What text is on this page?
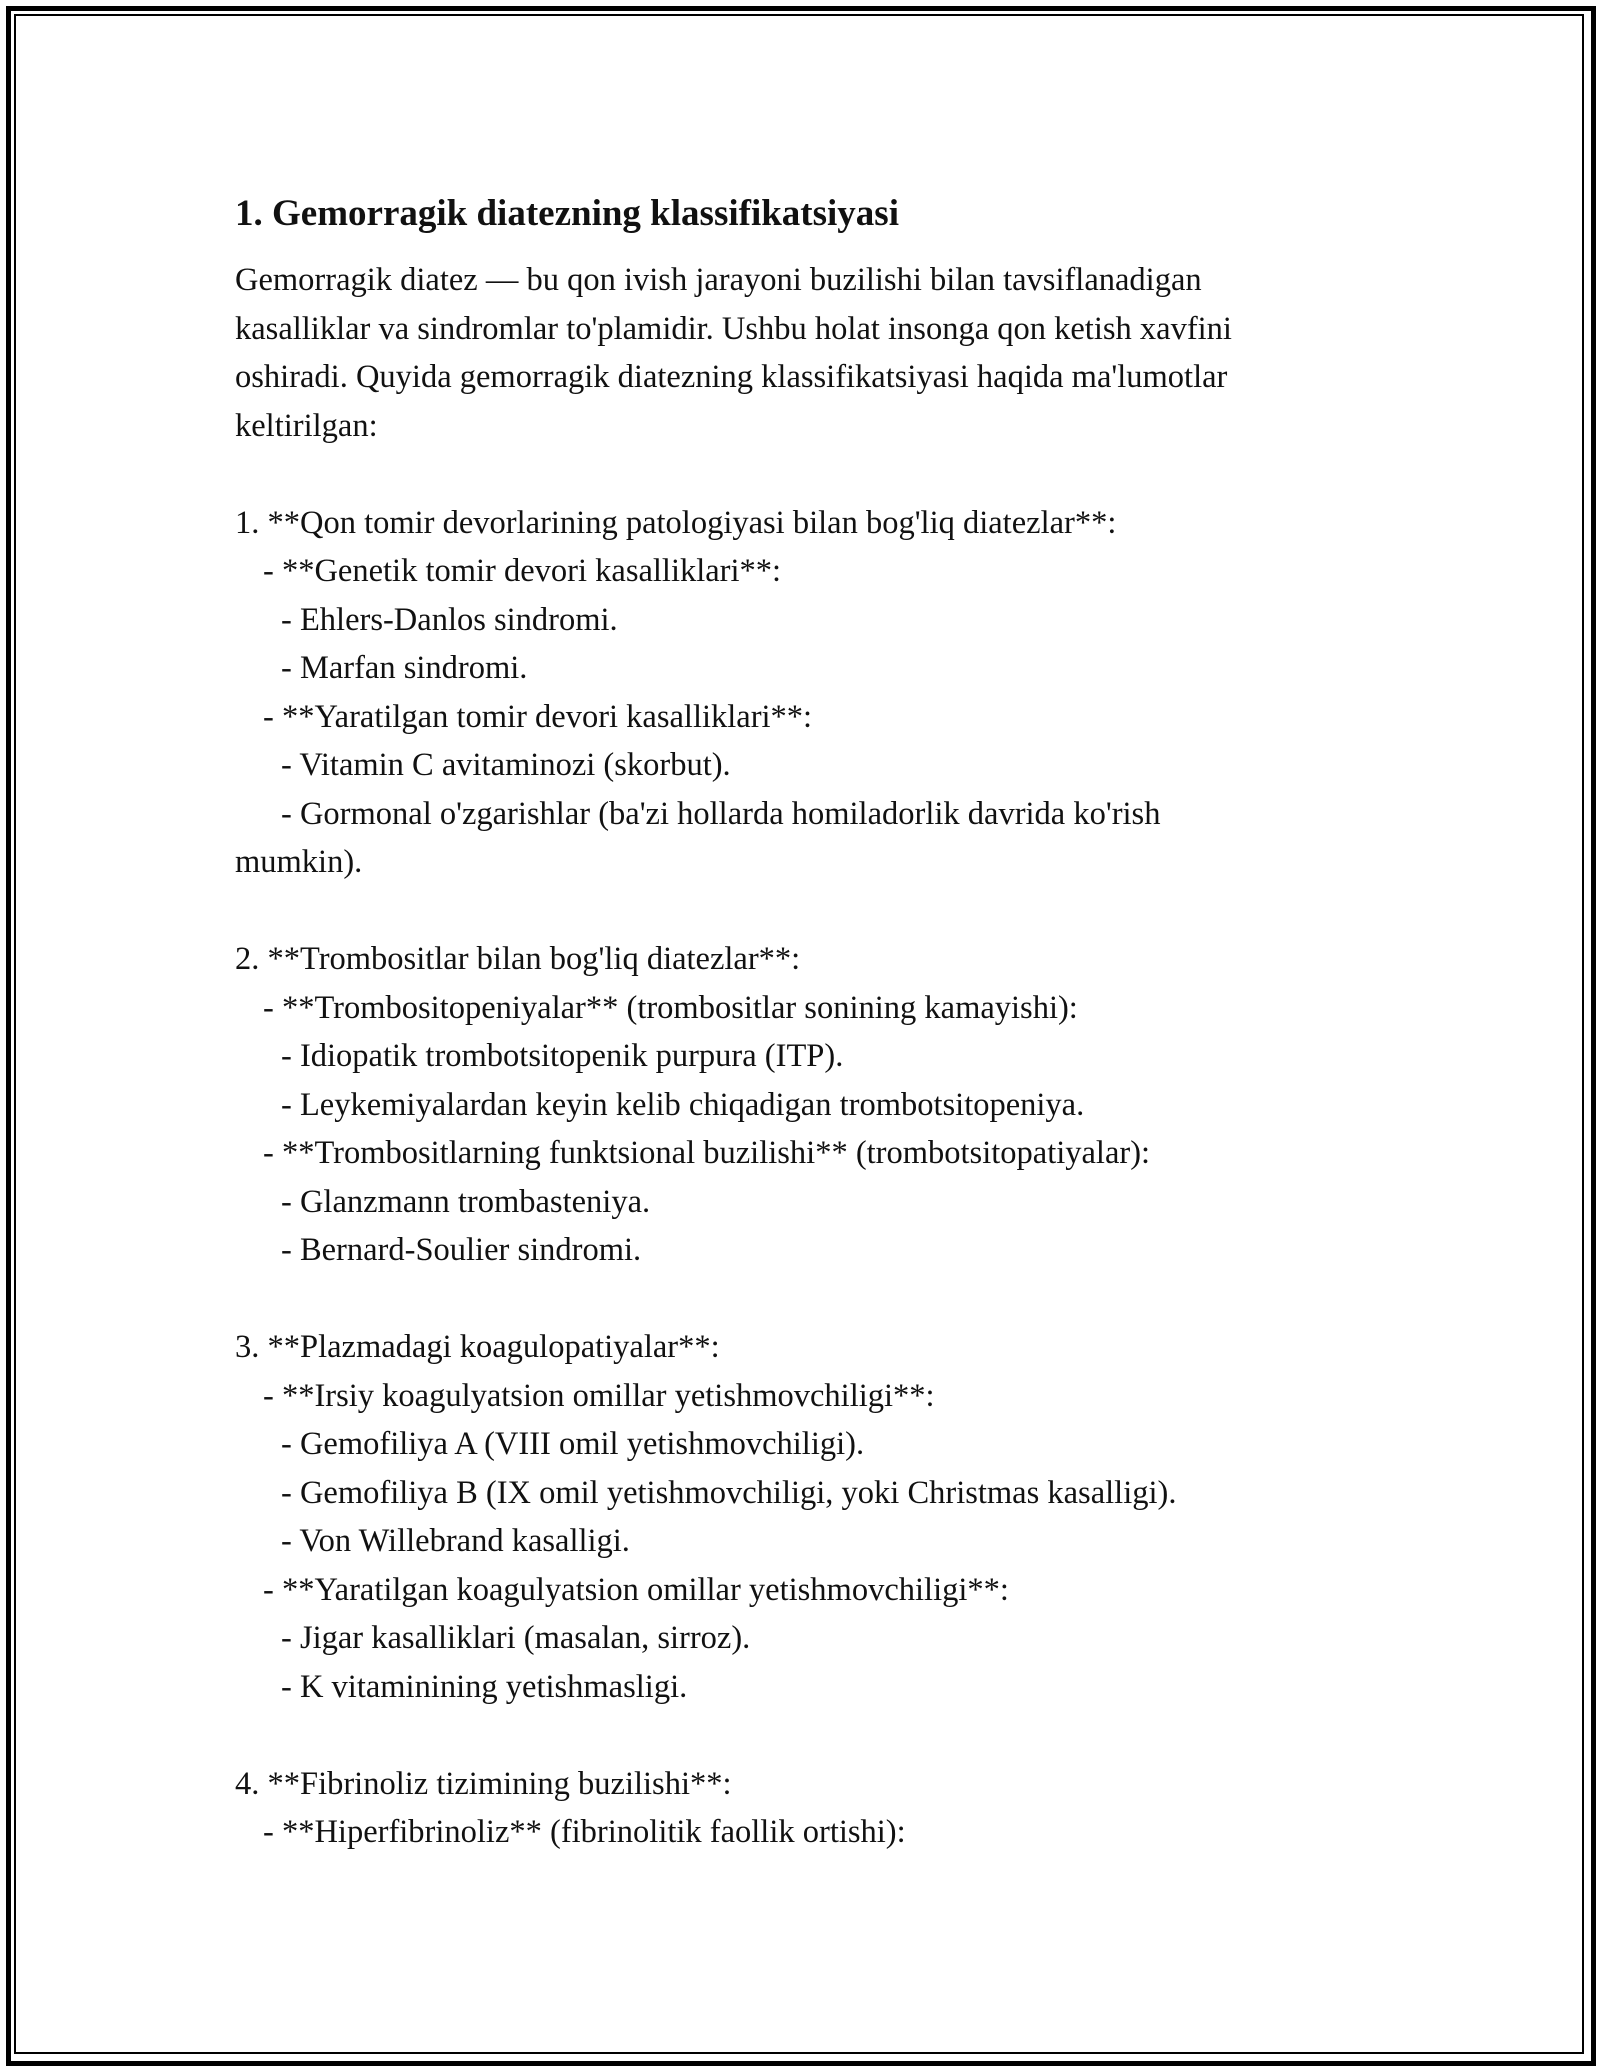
1. Gemorragik diatezning klassifikatsiyasi
Gemorragik diatez — bu qon ivish jarayoni buzilishi bilan tavsiflanadigan
kasalliklar va sindromlar to'plamidir. Ushbu holat insonga qon ketish xavfini
oshiradi. Quyida gemorragik diatezning klassifikatsiyasi haqida ma'lumotlar
keltirilgan:
1. **Qon tomir devorlarining patologiyasi bilan bog'liq diatezlar**:
- **Genetik tomir devori kasalliklari**:
- Ehlers-Danlos sindromi.
- Marfan sindromi.
- **Yaratilgan tomir devori kasalliklari**:
- Vitamin C avitaminozi (skorbut).
- Gormonal o'zgarishlar (ba'zi hollarda homiladorlik davrida ko'rish
mumkin).
2. **Trombositlar bilan bog'liq diatezlar**:
- **Trombositopeniyalar** (trombositlar sonining kamayishi):
- Idiopatik trombotsitopenik purpura (ITP).
- Leykemiyalardan keyin kelib chiqadigan trombotsitopeniya.
- **Trombositlarning funktsional buzilishi** (trombotsitopatiyalar):
- Glanzmann trombasteniya.
- Bernard-Soulier sindromi.
3. **Plazmadagi koagulopatiyalar**:
- **Irsiy koagulyatsion omillar yetishmovchiligi**:
- Gemofiliya A (VIII omil yetishmovchiligi).
- Gemofiliya B (IX omil yetishmovchiligi, yoki Christmas kasalligi).
- Von Willebrand kasalligi.
- **Yaratilgan koagulyatsion omillar yetishmovchiligi**:
- Jigar kasalliklari (masalan, sirroz).
- K vitaminining yetishmasligi.
4. **Fibrinoliz tizimining buzilishi**:
- **Hiperfibrinoliz** (fibrinolitik faollik ortishi):
